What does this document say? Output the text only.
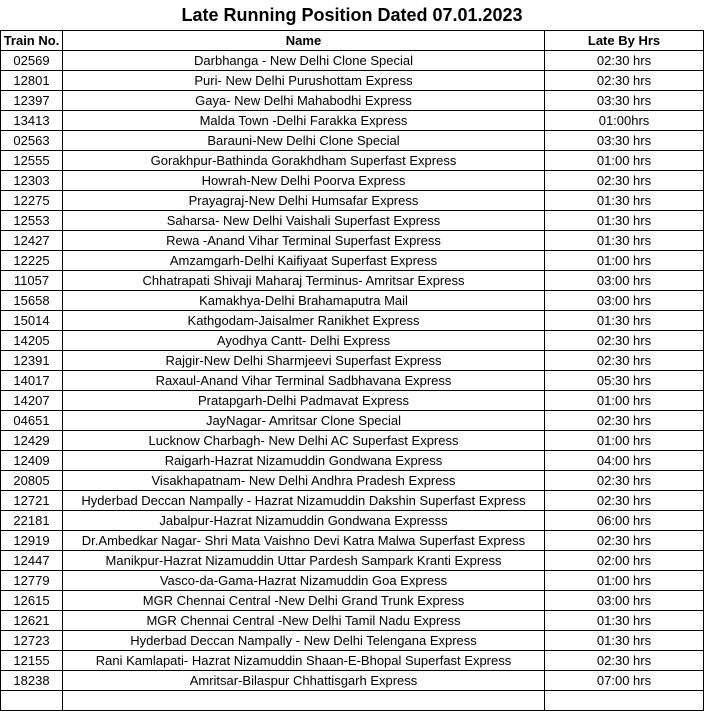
Late Running Position Dated 07.01.2023		
Train No.	Name	Late By Hrs
02569	Darbhanga - New Delhi Clone Special	02:30 hrs
12801	Puri- New Delhi Purushottam Express	02:30 hrs
12397	Gaya- New Delhi Mahabodhi Express	03:30 hrs
13413	Malda Town -Delhi Farakka Express	01:00hrs
02563	Barauni-New Delhi Clone Special	03:30 hrs
12555	Gorakhpur-Bathinda Gorakhdham Superfast Express	01:00 hrs
12303	Howrah-New Delhi Poorva Express	02:30 hrs
12275	Prayagraj-New Delhi Humsafar Express	01:30 hrs
12553	Saharsa- New Delhi Vaishali Superfast Express	01:30 hrs
12427	Rewa -Anand Vihar Terminal Superfast Express	01:30 hrs
12225	Amzamgarh-Delhi Kaifiyaat Superfast Express	01:00 hrs
11057	Chhatrapati Shivaji Maharaj Terminus- Amritsar Express	03:00 hrs
15658	Kamakhya-Delhi Brahamaputra Mail	03:00 hrs
15014	Kathgodam-Jaisalmer Ranikhet Express	01:30 hrs
14205	Ayodhya Cantt- Delhi Express	02:30 hrs
12391	Rajgir-New Delhi Sharmjeevi Superfast Express	02:30 hrs
14017	Raxaul-Anand Vihar Terminal Sadbhavana Express	05:30 hrs
14207	Pratapgarh-Delhi Padmavat Express	01:00 hrs
04651	JayNagar- Amritsar Clone Special	02:30 hrs
12429	Lucknow Charbagh- New Delhi AC Superfast Express	01:00 hrs
12409	Raigarh-Hazrat Nizamuddin Gondwana Express	04:00 hrs
20805	Visakhapatnam- New Delhi Andhra Pradesh Express	02:30 hrs
12721	Hyderbad Deccan Nampally - Hazrat Nizamuddin Dakshin Superfast Express	02:30 hrs
22181	Jabalpur-Hazrat Nizamuddin Gondwana Expresss	06:00 hrs
12919	Dr.Ambedkar Nagar- Shri Mata Vaishno Devi Katra Malwa Superfast Express	02:30 hrs
12447	Manikpur-Hazrat Nizamuddin Uttar Pardesh Sampark Kranti Express	02:00 hrs
12779	Vasco-da-Gama-Hazrat Nizamuddin Goa Express	01:00 hrs
12615	MGR Chennai Central -New Delhi Grand Trunk Express	03:00 hrs
12621	MGR Chennai Central -New Delhi Tamil Nadu Express	01:30 hrs
12723	Hyderbad Deccan Nampally - New Delhi Telengana Express	01:30 hrs
12155	Rani Kamlapati- Hazrat Nizamuddin Shaan-E-Bhopal Superfast Express	02:30 hrs
18238	Amritsar-Bilaspur Chhattisgarh Express	07:00 hrs
